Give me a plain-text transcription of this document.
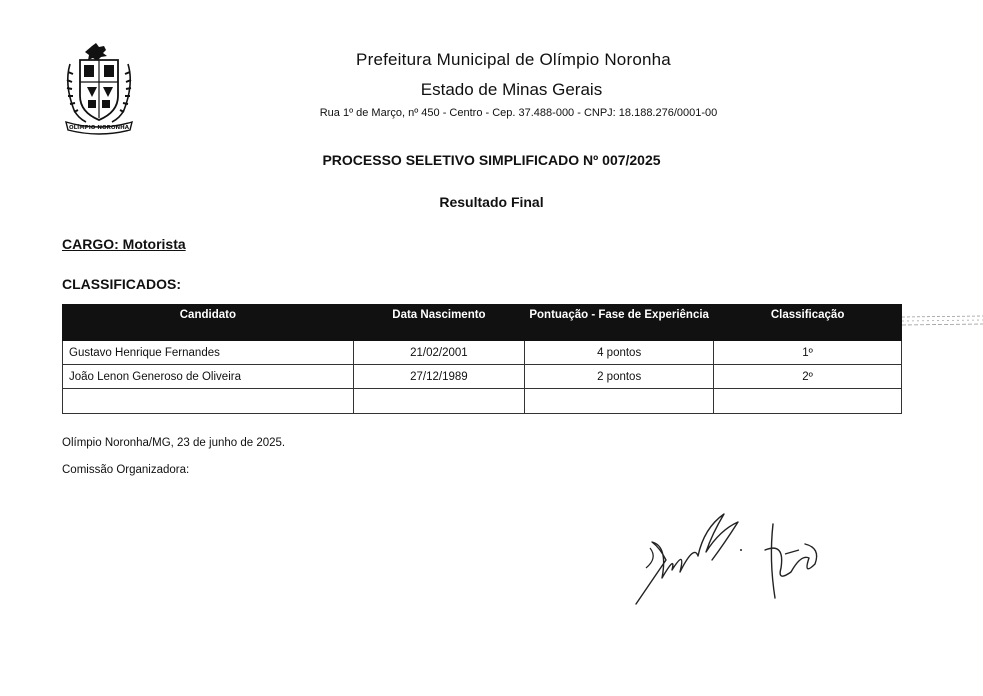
OLÍMPIO NORONHA
Prefeitura Municipal de Olímpio Noronha
Estado de Minas Gerais
Rua 1º de Março, nº 450 - Centro - Cep. 37.488-000 - CNPJ: 18.188.276/0001-00
PROCESSO SELETIVO SIMPLIFICADO Nº 007/2025
Resultado Final
CARGO: Motorista
CLASSIFICADOS:
Candidato	Data Nascimento	Pontuação - Fase de Experiência	Classificação
Gustavo Henrique Fernandes	21/02/2001	4 pontos	1º
João Lenon Generoso de Oliveira	27/12/1989	2 pontos	2º

Olímpio Noronha/MG, 23 de junho de 2025.
Comissão Organizadora:
